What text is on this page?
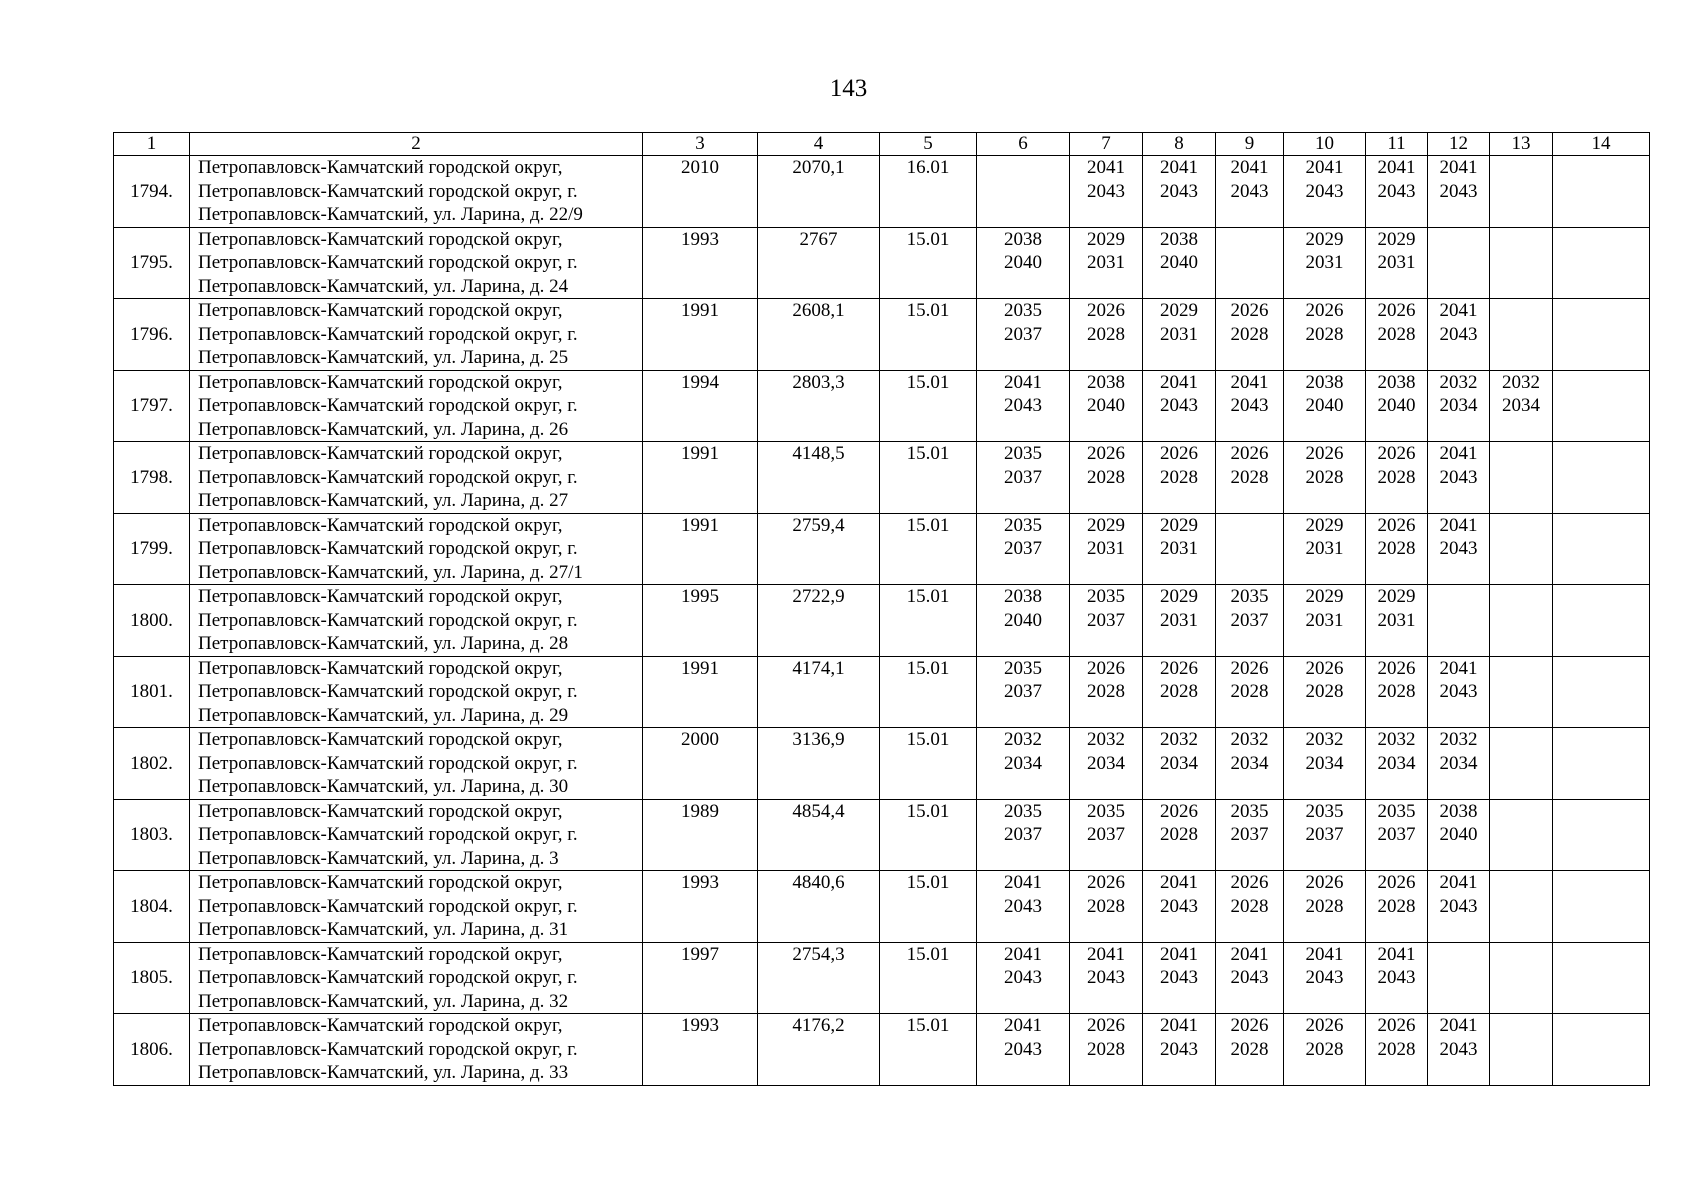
143
1	2	3	4	5	6	7	8	9	10	11	12	13	14
1794.	Петропавловск-Камчатский городской округ,
Петропавловск-Камчатский городской округ, г.
Петропавловск-Камчатский, ул. Ларина, д. 22/9	2010	2070,1	16.01		2041
2043	2041
2043	2041
2043	2041
2043	2041
2043	2041
2043		

1795.	Петропавловск-Камчатский городской округ,
Петропавловск-Камчатский городской округ, г.
Петропавловск-Камчатский, ул. Ларина, д. 24	1993	2767	15.01	2038
2040	2029
2031	2038
2040		2029
2031	2029
2031			

1796.	Петропавловск-Камчатский городской округ,
Петропавловск-Камчатский городской округ, г.
Петропавловск-Камчатский, ул. Ларина, д. 25	1991	2608,1	15.01	2035
2037	2026
2028	2029
2031	2026
2028	2026
2028	2026
2028	2041
2043		

1797.	Петропавловск-Камчатский городской округ,
Петропавловск-Камчатский городской округ, г.
Петропавловск-Камчатский, ул. Ларина, д. 26	1994	2803,3	15.01	2041
2043	2038
2040	2041
2043	2041
2043	2038
2040	2038
2040	2032
2034	2032
2034	

1798.	Петропавловск-Камчатский городской округ,
Петропавловск-Камчатский городской округ, г.
Петропавловск-Камчатский, ул. Ларина, д. 27	1991	4148,5	15.01	2035
2037	2026
2028	2026
2028	2026
2028	2026
2028	2026
2028	2041
2043		

1799.	Петропавловск-Камчатский городской округ,
Петропавловск-Камчатский городской округ, г.
Петропавловск-Камчатский, ул. Ларина, д. 27/1	1991	2759,4	15.01	2035
2037	2029
2031	2029
2031		2029
2031	2026
2028	2041
2043		

1800.	Петропавловск-Камчатский городской округ,
Петропавловск-Камчатский городской округ, г.
Петропавловск-Камчатский, ул. Ларина, д. 28	1995	2722,9	15.01	2038
2040	2035
2037	2029
2031	2035
2037	2029
2031	2029
2031			

1801.	Петропавловск-Камчатский городской округ,
Петропавловск-Камчатский городской округ, г.
Петропавловск-Камчатский, ул. Ларина, д. 29	1991	4174,1	15.01	2035
2037	2026
2028	2026
2028	2026
2028	2026
2028	2026
2028	2041
2043		

1802.	Петропавловск-Камчатский городской округ,
Петропавловск-Камчатский городской округ, г.
Петропавловск-Камчатский, ул. Ларина, д. 30	2000	3136,9	15.01	2032
2034	2032
2034	2032
2034	2032
2034	2032
2034	2032
2034	2032
2034		

1803.	Петропавловск-Камчатский городской округ,
Петропавловск-Камчатский городской округ, г.
Петропавловск-Камчатский, ул. Ларина, д. 3	1989	4854,4	15.01	2035
2037	2035
2037	2026
2028	2035
2037	2035
2037	2035
2037	2038
2040		

1804.	Петропавловск-Камчатский городской округ,
Петропавловск-Камчатский городской округ, г.
Петропавловск-Камчатский, ул. Ларина, д. 31	1993	4840,6	15.01	2041
2043	2026
2028	2041
2043	2026
2028	2026
2028	2026
2028	2041
2043		

1805.	Петропавловск-Камчатский городской округ,
Петропавловск-Камчатский городской округ, г.
Петропавловск-Камчатский, ул. Ларина, д. 32	1997	2754,3	15.01	2041
2043	2041
2043	2041
2043	2041
2043	2041
2043	2041
2043			

1806.	Петропавловск-Камчатский городской округ,
Петропавловск-Камчатский городской округ, г.
Петропавловск-Камчатский, ул. Ларина, д. 33	1993	4176,2	15.01	2041
2043	2026
2028	2041
2043	2026
2028	2026
2028	2026
2028	2041
2043		
